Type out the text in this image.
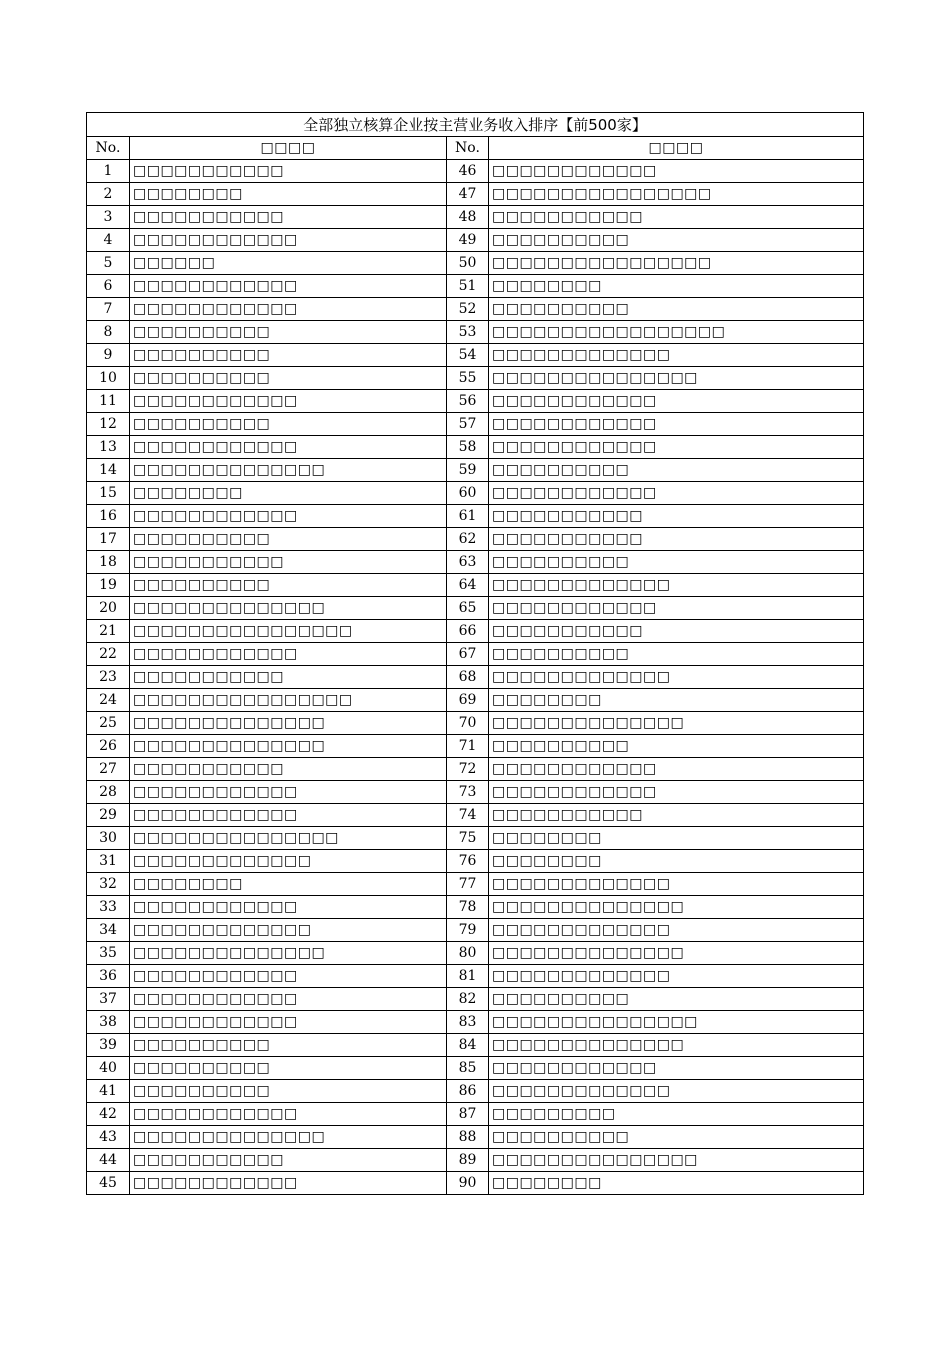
全部独立核算企业按主营业务收入排序【前500家】			
No.	□□□□	No.	□□□□
1	□□□□□□□□□□□	46	□□□□□□□□□□□□
2	□□□□□□□□	47	□□□□□□□□□□□□□□□□
3	□□□□□□□□□□□	48	□□□□□□□□□□□
4	□□□□□□□□□□□□	49	□□□□□□□□□□
5	□□□□□□	50	□□□□□□□□□□□□□□□□
6	□□□□□□□□□□□□	51	□□□□□□□□
7	□□□□□□□□□□□□	52	□□□□□□□□□□
8	□□□□□□□□□□	53	□□□□□□□□□□□□□□□□□
9	□□□□□□□□□□	54	□□□□□□□□□□□□□
10	□□□□□□□□□□	55	□□□□□□□□□□□□□□□
11	□□□□□□□□□□□□	56	□□□□□□□□□□□□
12	□□□□□□□□□□	57	□□□□□□□□□□□□
13	□□□□□□□□□□□□	58	□□□□□□□□□□□□
14	□□□□□□□□□□□□□□	59	□□□□□□□□□□
15	□□□□□□□□	60	□□□□□□□□□□□□
16	□□□□□□□□□□□□	61	□□□□□□□□□□□
17	□□□□□□□□□□	62	□□□□□□□□□□□
18	□□□□□□□□□□□	63	□□□□□□□□□□
19	□□□□□□□□□□	64	□□□□□□□□□□□□□
20	□□□□□□□□□□□□□□	65	□□□□□□□□□□□□
21	□□□□□□□□□□□□□□□□	66	□□□□□□□□□□□
22	□□□□□□□□□□□□	67	□□□□□□□□□□
23	□□□□□□□□□□□	68	□□□□□□□□□□□□□
24	□□□□□□□□□□□□□□□□	69	□□□□□□□□
25	□□□□□□□□□□□□□□	70	□□□□□□□□□□□□□□
26	□□□□□□□□□□□□□□	71	□□□□□□□□□□
27	□□□□□□□□□□□	72	□□□□□□□□□□□□
28	□□□□□□□□□□□□	73	□□□□□□□□□□□□
29	□□□□□□□□□□□□	74	□□□□□□□□□□□
30	□□□□□□□□□□□□□□□	75	□□□□□□□□
31	□□□□□□□□□□□□□	76	□□□□□□□□
32	□□□□□□□□	77	□□□□□□□□□□□□□
33	□□□□□□□□□□□□	78	□□□□□□□□□□□□□□
34	□□□□□□□□□□□□□	79	□□□□□□□□□□□□□
35	□□□□□□□□□□□□□□	80	□□□□□□□□□□□□□□
36	□□□□□□□□□□□□	81	□□□□□□□□□□□□□
37	□□□□□□□□□□□□	82	□□□□□□□□□□
38	□□□□□□□□□□□□	83	□□□□□□□□□□□□□□□
39	□□□□□□□□□□	84	□□□□□□□□□□□□□□
40	□□□□□□□□□□	85	□□□□□□□□□□□□
41	□□□□□□□□□□	86	□□□□□□□□□□□□□
42	□□□□□□□□□□□□	87	□□□□□□□□□
43	□□□□□□□□□□□□□□	88	□□□□□□□□□□
44	□□□□□□□□□□□	89	□□□□□□□□□□□□□□□
45	□□□□□□□□□□□□	90	□□□□□□□□
